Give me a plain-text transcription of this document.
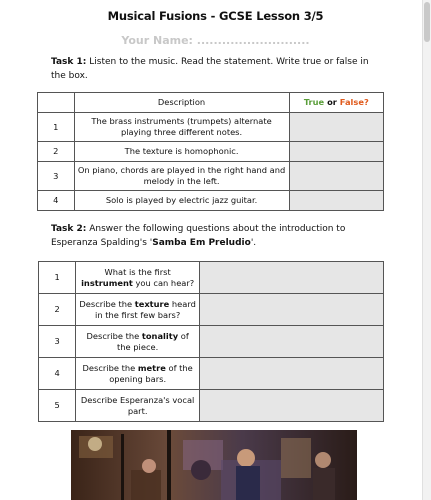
Musical Fusions - GCSE Lesson 3/5
Your Name: ...........................
Task 1: Listen to the music. Read the statement. Write true or false in the box.
	Description	True or False?
1	The brass instruments (trumpets) alternate playing three different notes.	
2	The texture is homophonic.	
3	On piano, chords are played in the right hand and melody in the left.	
4	Solo is played by electric jazz guitar.	
Task 2: Answer the following questions about the introduction to Esperanza Spalding's 'Samba Em Preludio'.
1	What is the first instrument you can hear?	
2	Describe the texture heard in the first few bars?	
3	Describe the tonality of the piece.	
4	Describe the metre of the opening bars.	
5	Describe Esperanza's vocal part.	
